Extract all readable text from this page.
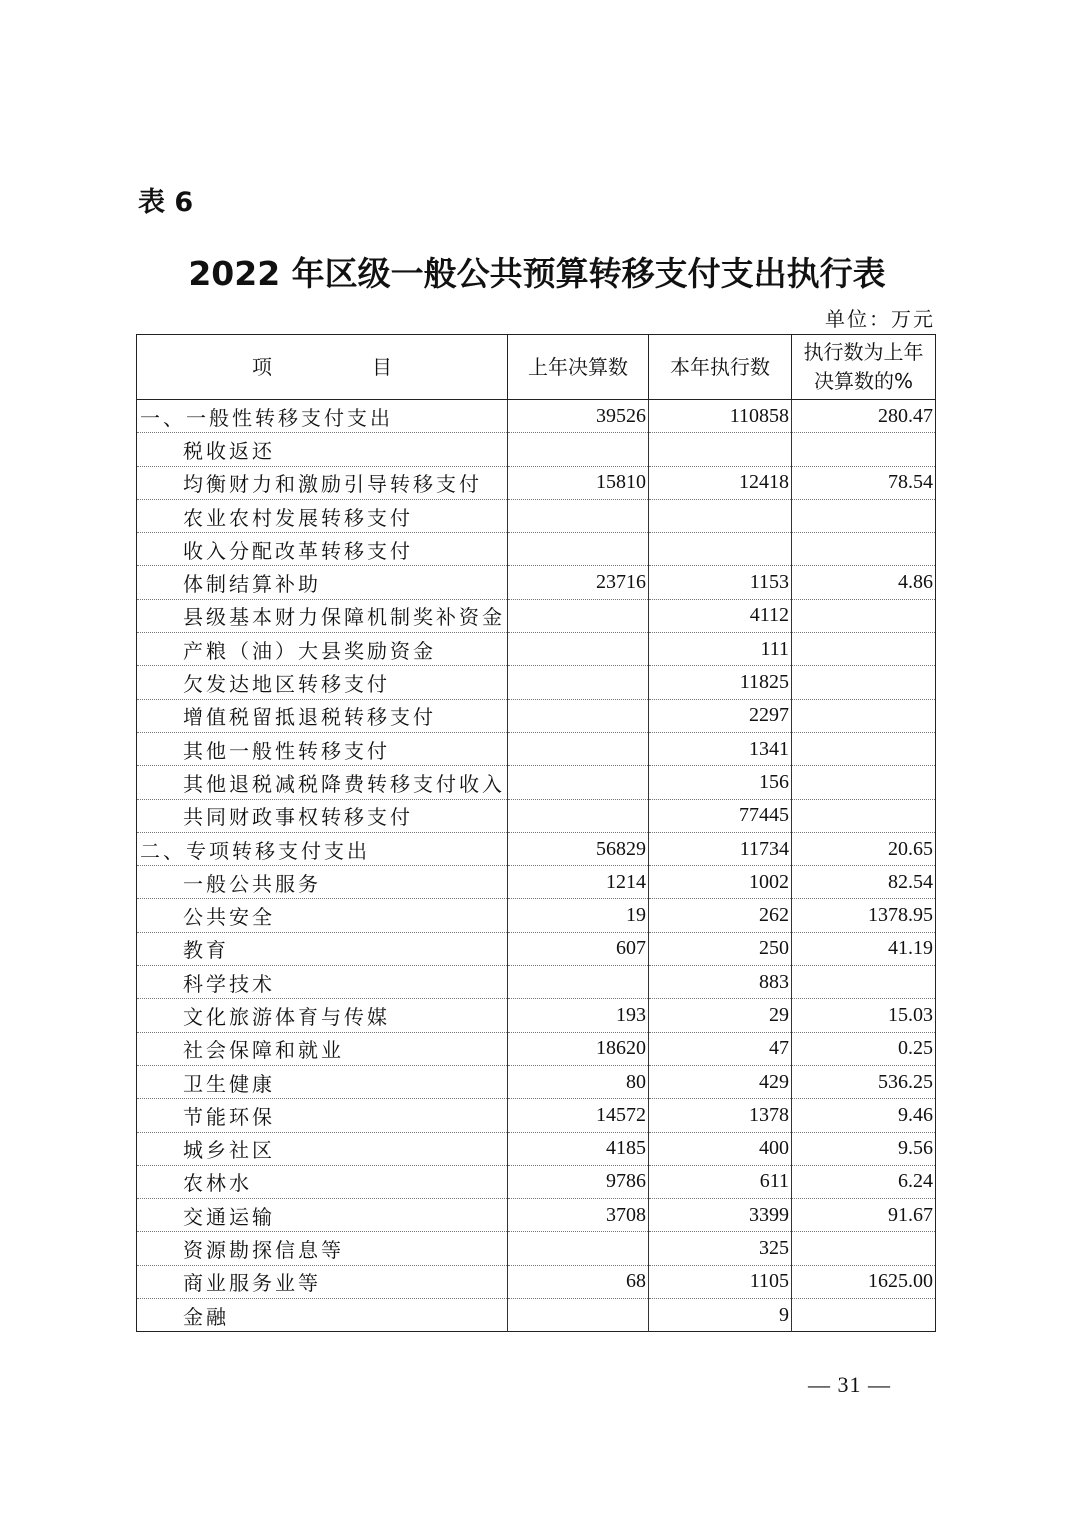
表 6
2022 年区级一般公共预算转移支付支出执行表
单位：万元
项　目	上年决算数	本年执行数	执行数为上年
决算数的%
一、一般性转移支付支出	39526	110858	280.47
税收返还			
均衡财力和激励引导转移支付	15810	12418	78.54
农业农村发展转移支付			
收入分配改革转移支付			
体制结算补助	23716	1153	4.86
县级基本财力保障机制奖补资金		4112	
产粮（油）大县奖励资金		111	
欠发达地区转移支付		11825	
增值税留抵退税转移支付		2297	
其他一般性转移支付		1341	
其他退税减税降费转移支付收入		156	
共同财政事权转移支付		77445	
二、专项转移支付支出	56829	11734	20.65
一般公共服务	1214	1002	82.54
公共安全	19	262	1378.95
教育	607	250	41.19
科学技术		883	
文化旅游体育与传媒	193	29	15.03
社会保障和就业	18620	47	0.25
卫生健康	80	429	536.25
节能环保	14572	1378	9.46
城乡社区	4185	400	9.56
农林水	9786	611	6.24
交通运输	3708	3399	91.67
资源勘探信息等		325	
商业服务业等	68	1105	1625.00
金融		9	
— 31 —
